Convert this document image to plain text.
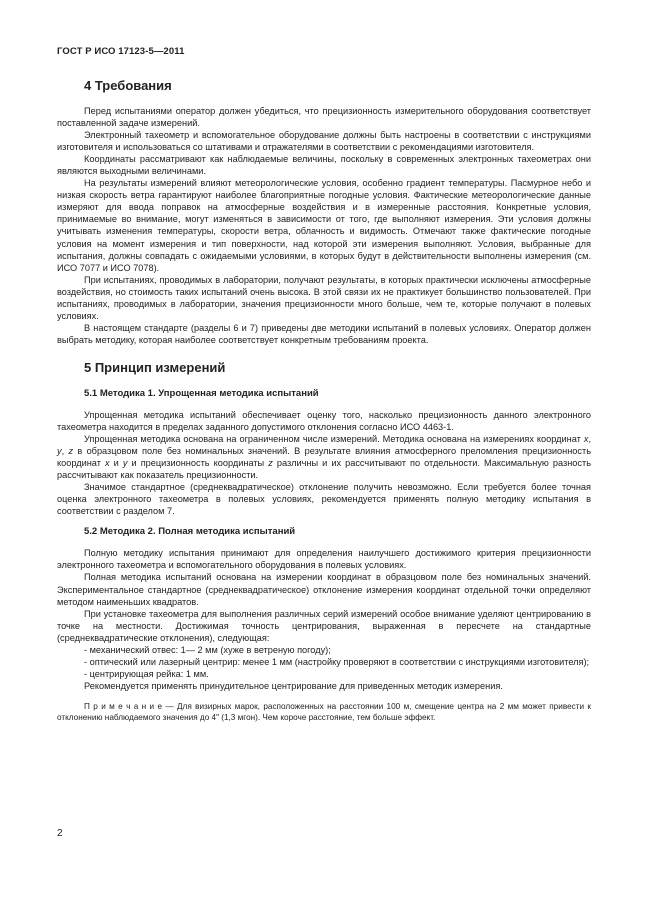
ГОСТ Р ИСО 17123-5—2011
4 Требования

Перед испытаниями оператор должен убедиться, что прецизионность измерительного оборудования соответствует поставленной задаче измерений.

Электронный тахеометр и вспомогательное оборудование должны быть настроены в соответствии с инструкциями изготовителя и использоваться со штативами и отражателями в соответствии с рекомендациями изготовителя.

Координаты рассматривают как наблюдаемые величины, поскольку в современных электронных тахеометрах они являются выходными величинами.

На результаты измерений влияют метеорологические условия, особенно градиент температуры. Пасмурное небо и низкая скорость ветра гарантируют наиболее благоприятные погодные условия. Фактические метеорологические данные измеряют для ввода поправок на атмосферные воздействия и в измеренные расстояния. Конкретные условия, принимаемые во внимание, могут изменяться в зависимости от того, где выполняют измерения. Эти условия должны учитывать изменения температуры, скорости ветра, облачность и видимость. Отмечают также фактические погодные условия на момент измерения и тип поверхности, над которой эти измерения выполняют. Условия, выбранные для испытания, должны совпадать с ожидаемыми условиями, в которых будут в действительности выполнены измерения (см. ИСО 7077 и ИСО 7078).

При испытаниях, проводимых в лаборатории, получают результаты, в которых практически исключены атмосферные воздействия, но стоимость таких испытаний очень высока. В этой связи их не практикует большинство пользователей. При испытаниях, проводимых в лаборатории, значения прецизионности много больше, чем те, которые получают в полевых условиях.

В настоящем стандарте (разделы 6 и 7) приведены две методики испытаний в полевых условиях. Оператор должен выбрать методику, которая наиболее соответствует конкретным требованиям проекта.

5 Принцип измерений
5.1 Методика 1. Упрощенная методика испытаний

Упрощенная методика испытаний обеспечивает оценку того, насколько прецизионность данного электронного тахеометра находится в пределах заданного допустимого отклонения согласно ИСО 4463-1.

Упрощенная методика основана на ограниченном числе измерений. Методика основана на измерениях координат x, y, z в образцовом поле без номинальных значений. В результате влияния атмосферного преломления прецизионность координат x и y и прецизионность координаты z различны и их рассчитывают по отдельности. Максимальную разность рассчитывают как показатель прецизионности.

Значимое стандартное (среднеквадратическое) отклонение получить невозможно. Если требуется более точная оценка электронного тахеометра в полевых условиях, рекомендуется применять полную методику испытания в соответствии с разделом 7.

5.2 Методика 2. Полная методика испытаний

Полную методику испытания принимают для определения наилучшего достижимого критерия прецизионности электронного тахеометра и вспомогательного оборудования в полевых условиях.

Полная методика испытаний основана на измерении координат в образцовом поле без номинальных значений. Экспериментальное стандартное (среднеквадратическое) отклонение измерения координат отдельной точки определяют методом наименьших квадратов.

При установке тахеометра для выполнения различных серий измерений особое внимание уделяют центрированию в точке на местности. Достижимая точность центрирования, выраженная в пересчете на стандартные (среднеквадратические отклонения), следующая:

- механический отвес: 1— 2 мм (хуже в ветреную погоду);

- оптический или лазерный центрир: менее 1 мм (настройку проверяют в соответствии с инструкциями изготовителя);

- центрирующая рейка: 1 мм.

Рекомендуется применять принудительное центрирование для приведенных методик измерения.

П р и м е ч а н и е — Для визирных марок, расположенных на расстоянии 100 м, смещение центра на 2 мм может привести к отклонению наблюдаемого значения до 4" (1,3 мгон). Чем короче расстояние, тем больше эффект.

2
